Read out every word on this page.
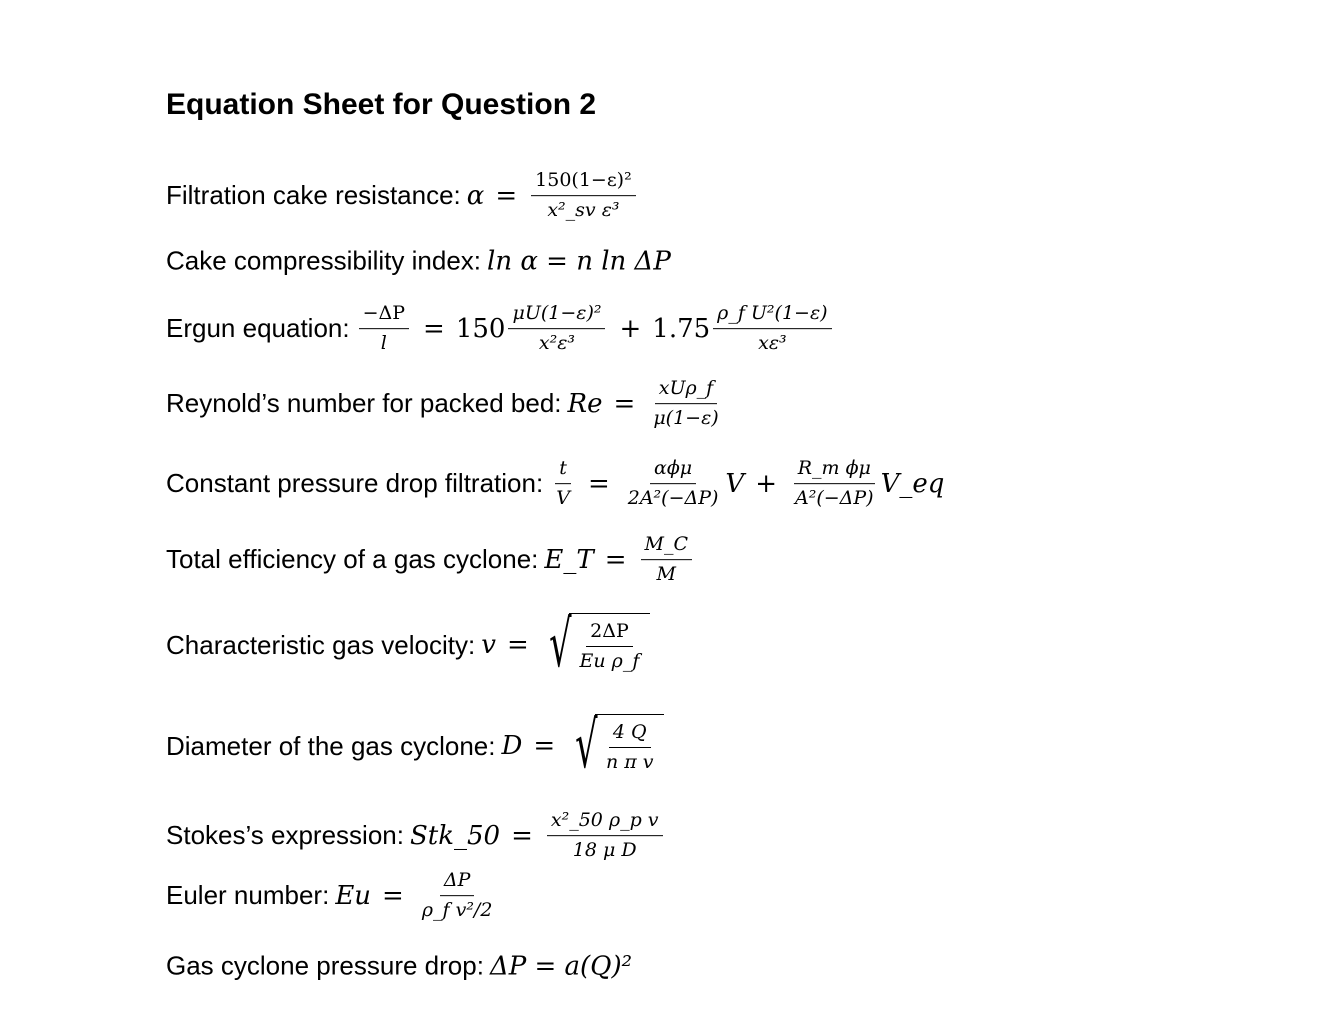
Equation Sheet for Question 2
Filtration cake resistance: $\alpha = \frac{\text{150(1−ε)²}}{\text{x²\_sv ε³}}$
Cake compressibility index: ln α = n ln ΔP
Ergun equation: $\frac{-\Delta P}{l} = 150 \frac{\text{μU(1−ε)²}}{\text{x²ε³}} + 1.75 \frac{\text{ρ\_f U²(1−ε)}}{\text{xε³}}$
Reynold’s number for packed bed: $Re = \frac{\text{xUρ\_f}}{\mu(1-\varepsilon)}$
Constant pressure drop filtration: $\frac{t}{V} = \frac{\text{αϕμ}}{\text{2A²(−ΔP)}}$ $V + \frac{\text{R\_m ϕμ}}{\text{A²(−ΔP)}}$ V_eq
Total efficiency of a gas cyclone: E_T = $\frac{M\_C}{M}$
Characteristic gas velocity: v = √ $\frac{2\Delta P}{\text{Eu ρ\_f}}$
Diameter of the gas cyclone: D = √ $\frac{4 Q}{\text{n π v}}$
Stokes’s expression: Stk_50 = $\frac{\text{x²\_50 ρ\_p v}}{\text{18 μ D}}$
Euler number: $Eu = \frac{\Delta P}{\text{ρ\_f v²/2}}$
Gas cyclone pressure drop: ΔP = a(Q)²
